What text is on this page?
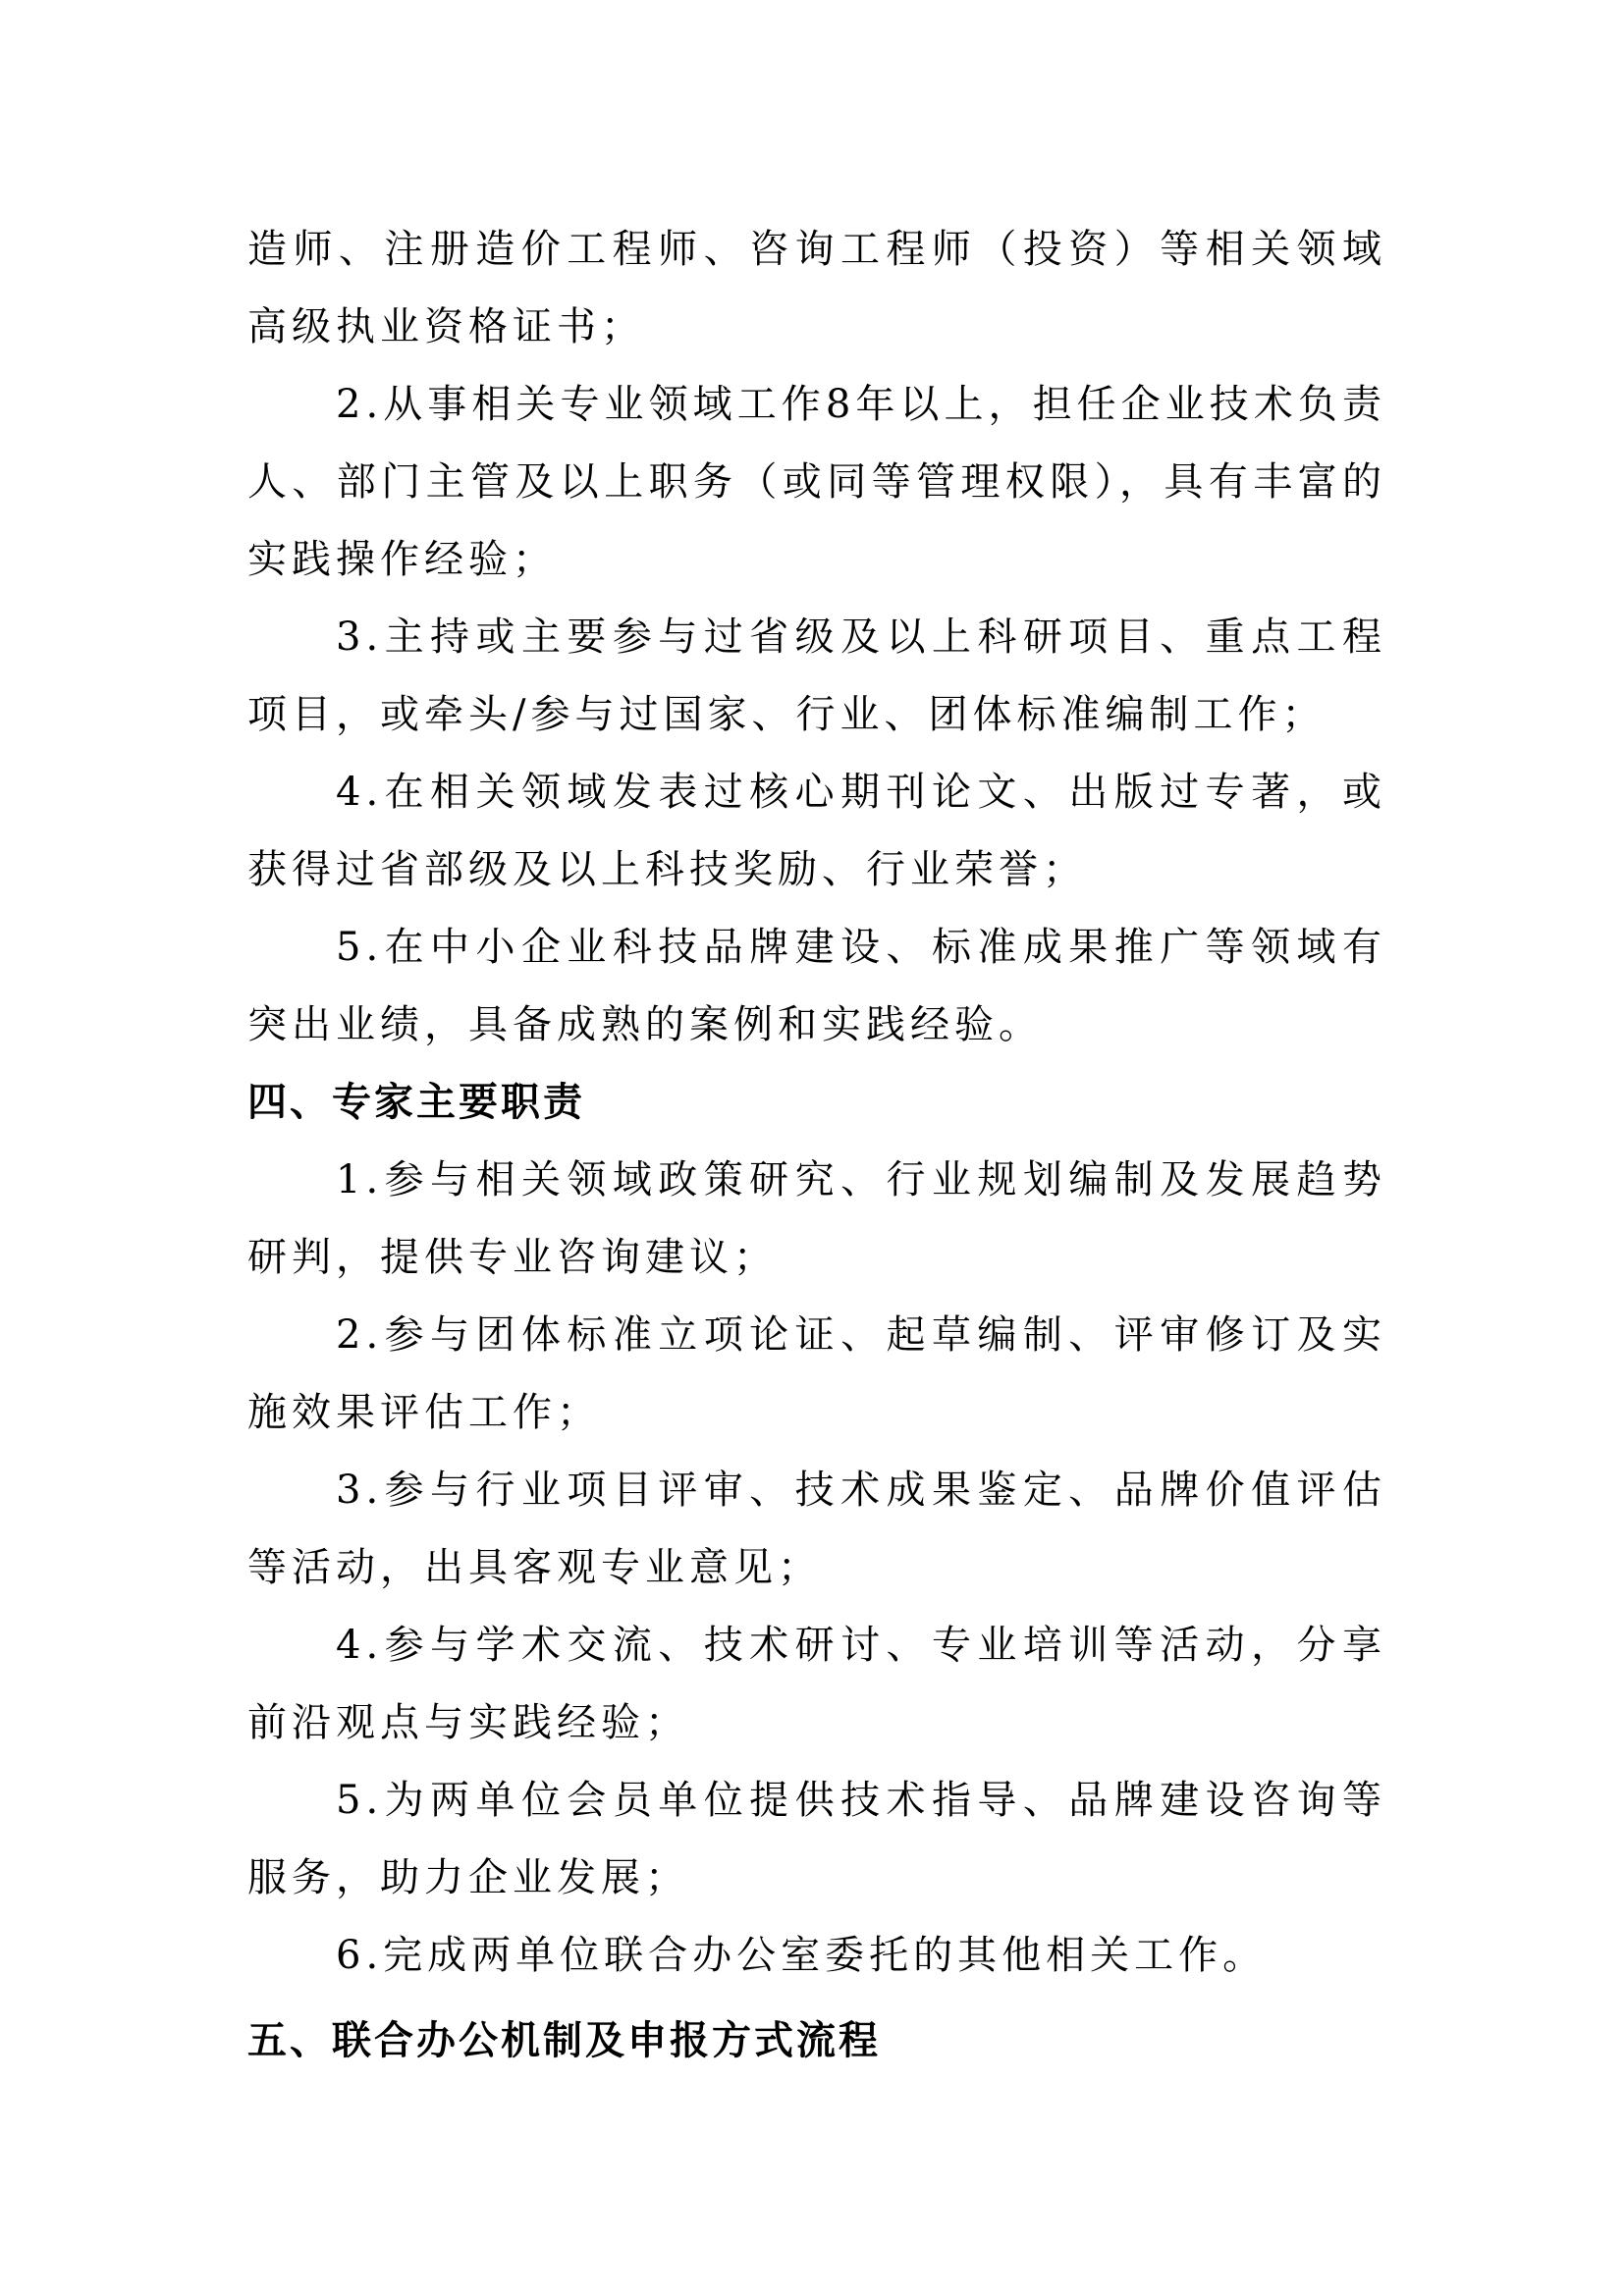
造师、注册造价工程师、咨询工程师（投资）等相关领域高级执业资格证书；

2.从事相关专业领域工作8年以上，担任企业技术负责人、部门主管及以上职务（或同等管理权限），具有丰富的实践操作经验；

3.主持或主要参与过省级及以上科研项目、重点工程项目，或牵头/参与过国家、行业、团体标准编制工作；

4.在相关领域发表过核心期刊论文、出版过专著，或获得过省部级及以上科技奖励、行业荣誉；

5.在中小企业科技品牌建设、标准成果推广等领域有突出业绩，具备成熟的案例和实践经验。

四、专家主要职责

1.参与相关领域政策研究、行业规划编制及发展趋势研判，提供专业咨询建议；

2.参与团体标准立项论证、起草编制、评审修订及实施效果评估工作；

3.参与行业项目评审、技术成果鉴定、品牌价值评估等活动，出具客观专业意见；

4.参与学术交流、技术研讨、专业培训等活动，分享前沿观点与实践经验；

5.为两单位会员单位提供技术指导、品牌建设咨询等服务，助力企业发展；

6.完成两单位联合办公室委托的其他相关工作。

五、联合办公机制及申报方式流程
